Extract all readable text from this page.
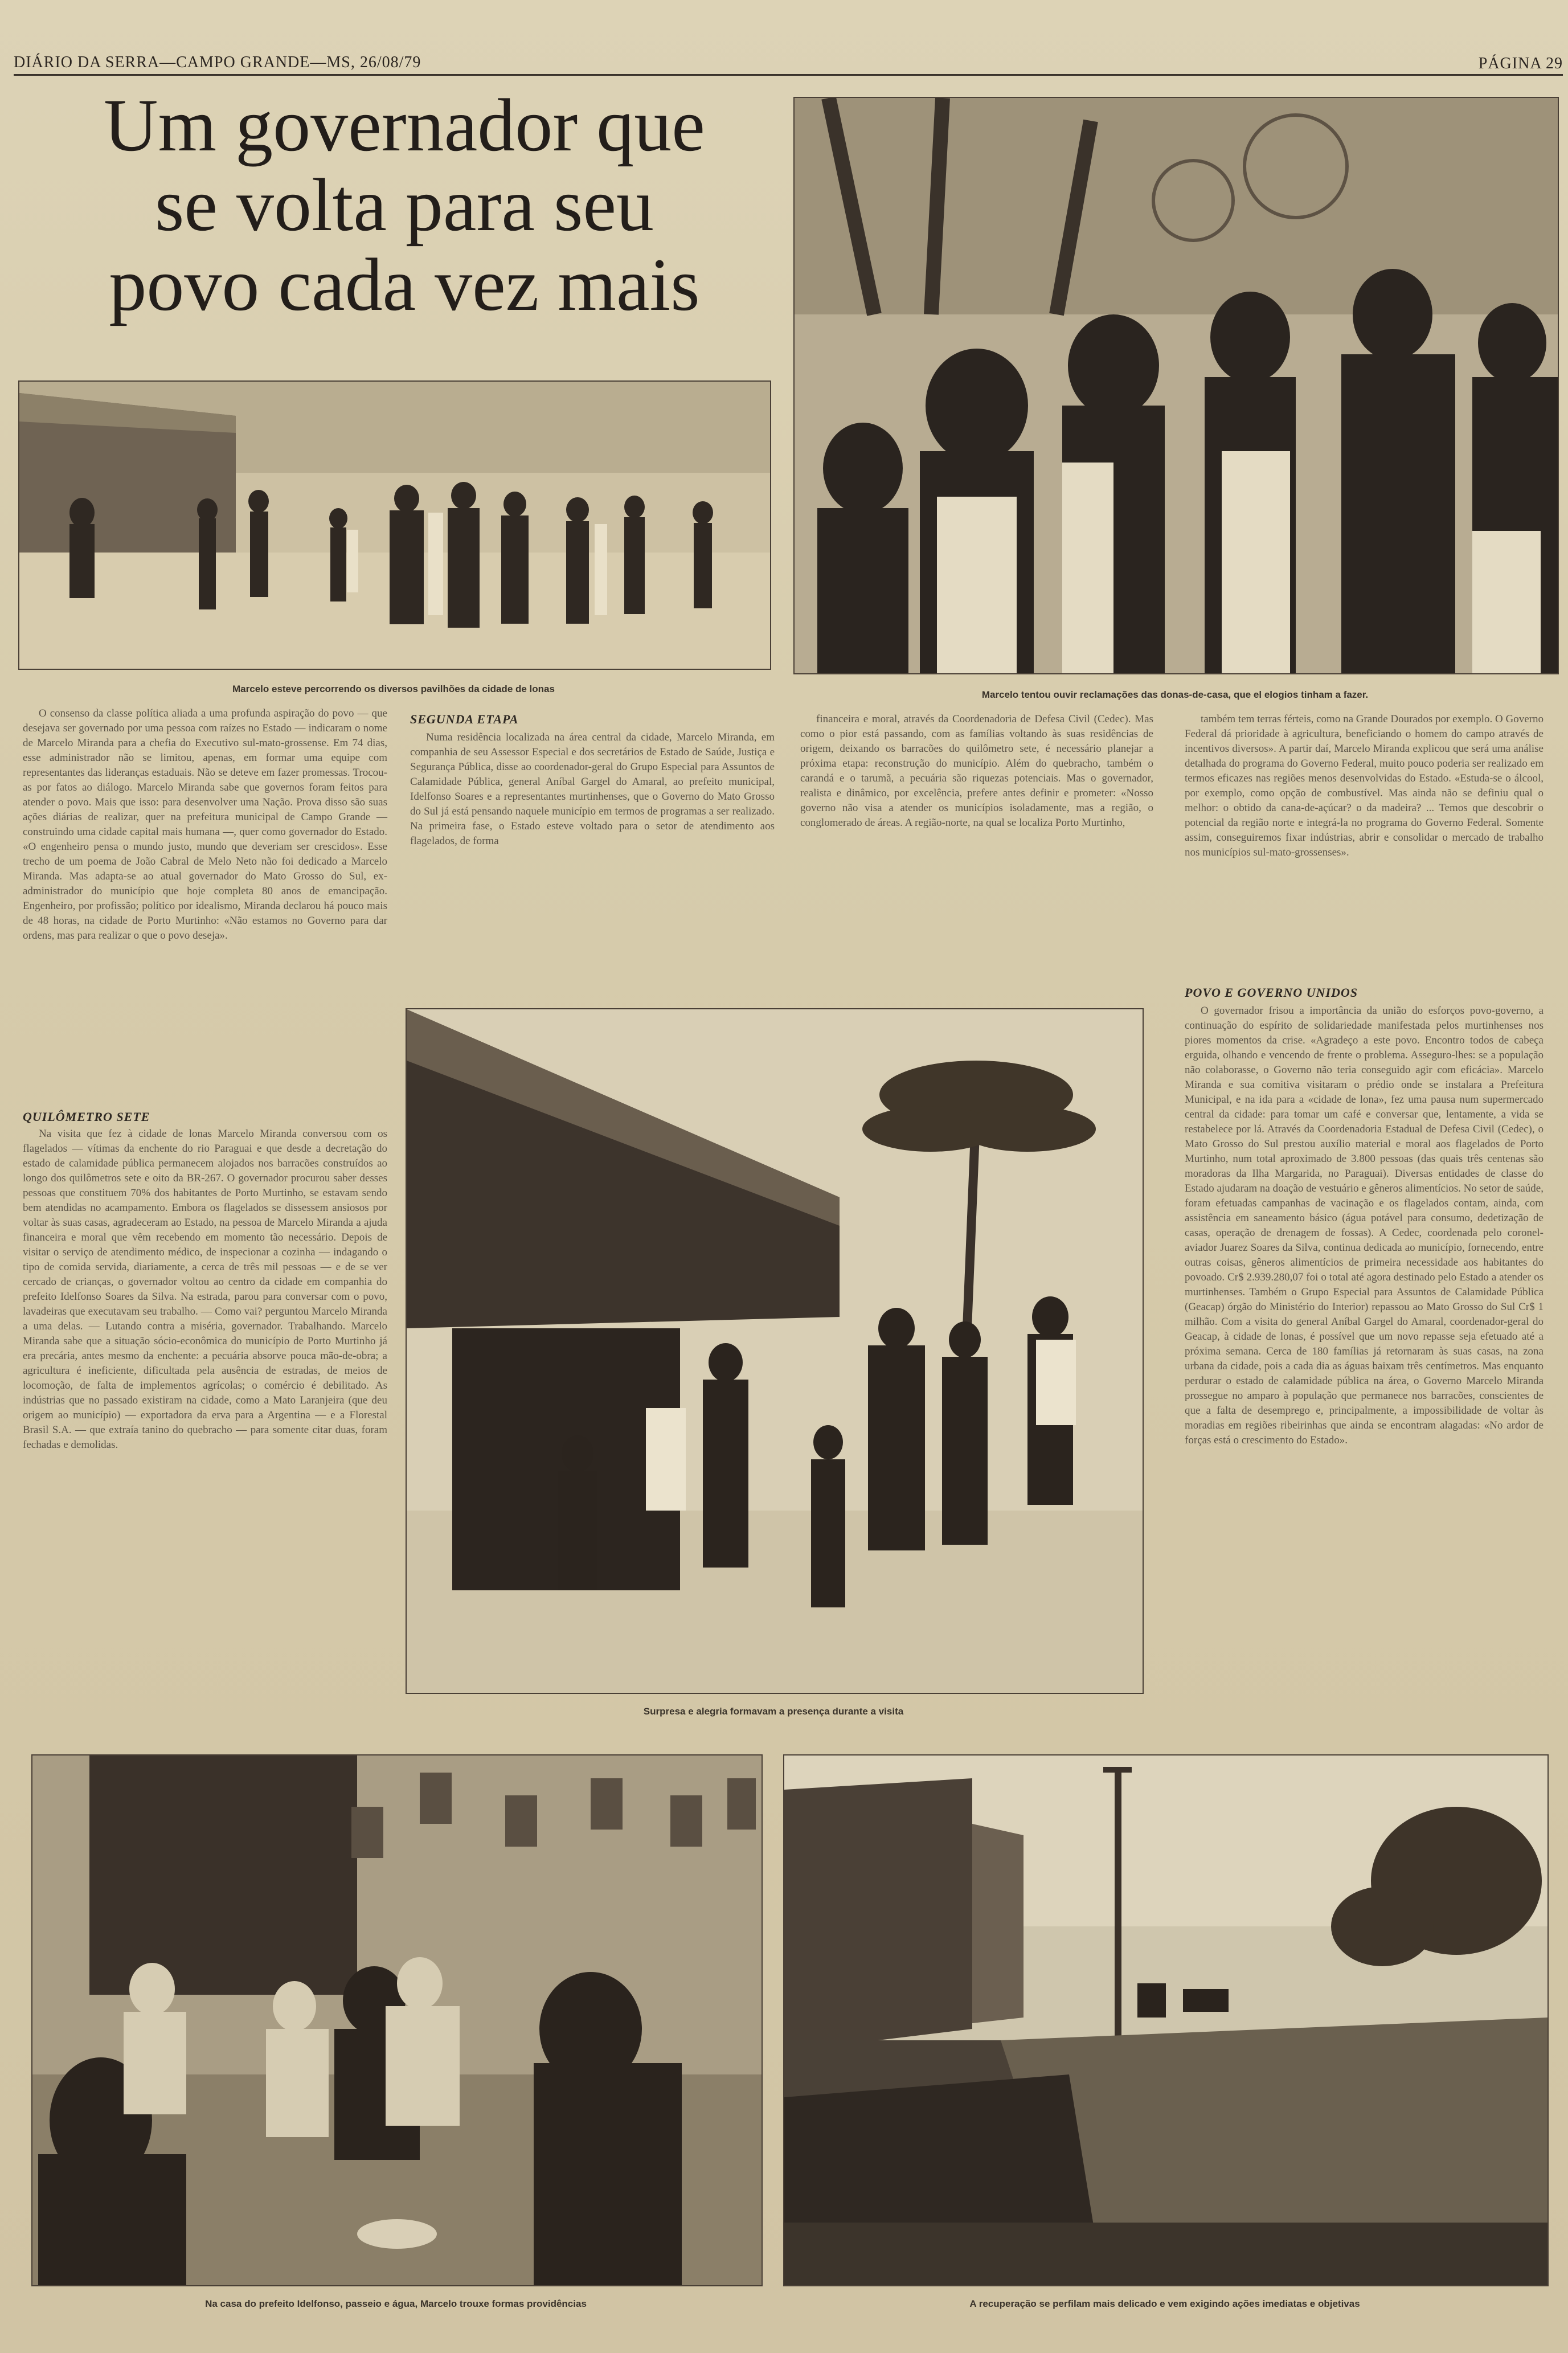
DIÁRIO DA SERRA—CAMPO GRANDE—MS, 26/08/79	PÁGINA 29
Um governador que
se volta para seu
povo cada vez mais
Marcelo esteve percorrendo os diversos pavilhões da cidade de lonas
Marcelo tentou ouvir reclamações das donas-de-casa, que el elogios tinham a fazer.

O consenso da classe política aliada a uma profunda aspiração do povo — que desejava ser governado por uma pessoa com raízes no Estado — indicaram o nome de Marcelo Miranda para a chefia do Executivo sul-mato-grossense. Em 74 dias, esse administrador não se limitou, apenas, em formar uma equipe com representantes das lideranças estaduais. Não se deteve em fazer promessas. Trocou-as por fatos ao diálogo. Marcelo Miranda sabe que governos foram feitos para atender o povo. Mais que isso: para desenvolver uma Nação. Prova disso são suas ações diárias de realizar, quer na prefeitura municipal de Campo Grande — construindo uma cidade capital mais humana —, quer como governador do Estado. «O engenheiro pensa o mundo justo, mundo que deveriam ser crescidos». Esse trecho de um poema de João Cabral de Melo Neto não foi dedicado a Marcelo Miranda. Mas adapta-se ao atual governador do Mato Grosso do Sul, ex-administrador do município que hoje completa 80 anos de emancipação. Engenheiro, por profissão; político por idealismo, Miranda declarou há pouco mais de 48 horas, na cidade de Porto Murtinho: «Não estamos no Governo para dar ordens, mas para realizar o que o povo deseja».

QUILÔMETRO SETE

Na visita que fez à cidade de lonas Marcelo Miranda conversou com os flagelados — vítimas da enchente do rio Paraguai e que desde a decretação do estado de calamidade pública permanecem alojados nos barracões construídos ao longo dos quilômetros sete e oito da BR-267. O governador procurou saber desses pessoas que constituem 70% dos habitantes de Porto Murtinho, se estavam sendo bem atendidas no acampamento. Embora os flagelados se dissessem ansiosos por voltar às suas casas, agradeceram ao Estado, na pessoa de Marcelo Miranda a ajuda financeira e moral que vêm recebendo em momento tão necessário. Depois de visitar o serviço de atendimento médico, de inspecionar a cozinha — indagando o tipo de comida servida, diariamente, a cerca de três mil pessoas — e de se ver cercado de crianças, o governador voltou ao centro da cidade em companhia do prefeito Idelfonso Soares da Silva. Na estrada, parou para conversar com o povo, lavadeiras que executavam seu trabalho. — Como vai? perguntou Marcelo Miranda a uma delas. — Lutando contra a miséria, governador. Trabalhando. Marcelo Miranda sabe que a situação sócio-econômica do município de Porto Murtinho já era precária, antes mesmo da enchente: a pecuária absorve pouca mão-de-obra; a agricultura é ineficiente, dificultada pela ausência de estradas, de meios de locomoção, de falta de implementos agrícolas; o comércio é debilitado. As indústrias que no passado existiram na cidade, como a Mato Laranjeira (que deu origem ao município) — exportadora da erva para a Argentina — e a Florestal Brasil S.A. — que extraía tanino do quebracho — para somente citar duas, foram fechadas e demolidas.

SEGUNDA ETAPA

Numa residência localizada na área central da cidade, Marcelo Miranda, em companhia de seu Assessor Especial e dos secretários de Estado de Saúde, Justiça e Segurança Pública, disse ao coordenador-geral do Grupo Especial para Assuntos de Calamidade Pública, general Aníbal Gargel do Amaral, ao prefeito municipal, Idelfonso Soares e a representantes murtinhenses, que o Governo do Mato Grosso do Sul já está pensando naquele município em termos de programas a ser realizado. Na primeira fase, o Estado esteve voltado para o setor de atendimento aos flagelados, de forma

financeira e moral, através da Coordenadoria de Defesa Civil (Cedec). Mas como o pior está passando, com as famílias voltando às suas residências de origem, deixando os barracões do quilômetro sete, é necessário planejar a próxima etapa: reconstrução do município. Além do quebracho, também o carandá e o tarumã, a pecuária são riquezas potenciais. Mas o governador, realista e dinâmico, por excelência, prefere antes definir e prometer: «Nosso governo não visa a atender os municípios isoladamente, mas a região, o conglomerado de áreas. A região-norte, na qual se localiza Porto Murtinho,

também tem terras férteis, como na Grande Dourados por exemplo. O Governo Federal dá prioridade à agricultura, beneficiando o homem do campo através de incentivos diversos». A partir daí, Marcelo Miranda explicou que será uma análise detalhada do programa do Governo Federal, muito pouco poderia ser realizado em termos eficazes nas regiões menos desenvolvidas do Estado. «Estuda-se o álcool, por exemplo, como opção de combustível. Mas ainda não se definiu qual o melhor: o obtido da cana-de-açúcar? o da madeira? ... Temos que descobrir o potencial da região norte e integrá-la no programa do Governo Federal. Somente assim, conseguiremos fixar indústrias, abrir e consolidar o mercado de trabalho nos municípios sul-mato-grossenses».

POVO E GOVERNO UNIDOS

O governador frisou a importância da união do esforços povo-governo, a continuação do espírito de solidariedade manifestada pelos murtinhenses nos piores momentos da crise. «Agradeço a este povo. Encontro todos de cabeça erguida, olhando e vencendo de frente o problema. Asseguro-lhes: se a população não colaborasse, o Governo não teria conseguido agir com eficácia». Marcelo Miranda e sua comitiva visitaram o prédio onde se instalara a Prefeitura Municipal, e na ida para a «cidade de lona», fez uma pausa num supermercado central da cidade: para tomar um café e conversar que, lentamente, a vida se restabelece por lá. Através da Coordenadoria Estadual de Defesa Civil (Cedec), o Mato Grosso do Sul prestou auxílio material e moral aos flagelados de Porto Murtinho, num total aproximado de 3.800 pessoas (das quais três centenas são moradoras da Ilha Margarida, no Paraguai). Diversas entidades de classe do Estado ajudaram na doação de vestuário e gêneros alimentícios. No setor de saúde, foram efetuadas campanhas de vacinação e os flagelados contam, ainda, com assistência em saneamento básico (água potável para consumo, dedetização de casas, operação de drenagem de fossas). A Cedec, coordenada pelo coronel-aviador Juarez Soares da Silva, continua dedicada ao município, fornecendo, entre outras coisas, gêneros alimentícios de primeira necessidade aos habitantes do povoado. Cr$ 2.939.280,07 foi o total até agora destinado pelo Estado a atender os murtinhenses. Também o Grupo Especial para Assuntos de Calamidade Pública (Geacap) órgão do Ministério do Interior) repassou ao Mato Grosso do Sul Cr$ 1 milhão. Com a visita do general Aníbal Gargel do Amaral, coordenador-geral do Geacap, à cidade de lonas, é possível que um novo repasse seja efetuado até a próxima semana. Cerca de 180 famílias já retornaram às suas casas, na zona urbana da cidade, pois a cada dia as águas baixam três centímetros. Mas enquanto perdurar o estado de calamidade pública na área, o Governo Marcelo Miranda prossegue no amparo à população que permanece nos barracões, conscientes de que a falta de desemprego e, principalmente, a impossibilidade de voltar às moradias em regiões ribeirinhas que ainda se encontram alagadas: «No ardor de forças está o crescimento do Estado».

Surpresa e alegria formavam a presença durante a visita
Na casa do prefeito Idelfonso, passeio e água, Marcelo trouxe formas providências	A recuperação se perfilam mais delicado e vem exigindo ações imediatas e objetivas
